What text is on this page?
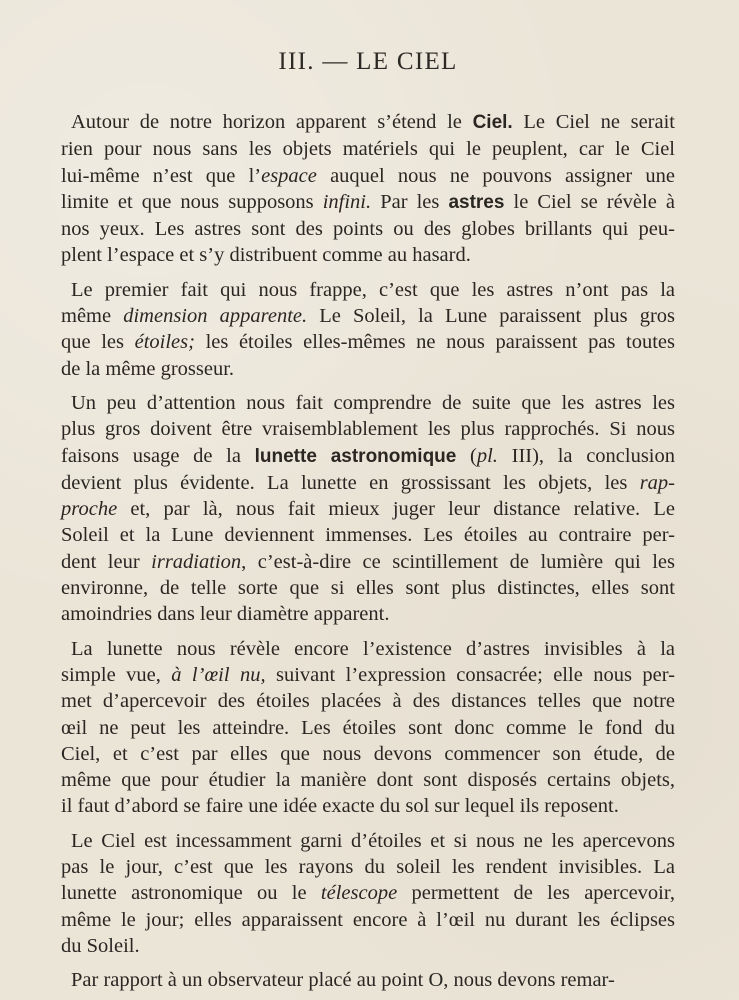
III. — LE CIEL
Autour de notre horizon apparent s’étend le Ciel. Le Ciel ne serait
rien pour nous sans les objets matériels qui le peuplent, car le Ciel
lui-même n’est que l’espace auquel nous ne pouvons assigner une
limite et que nous supposons infini. Par les astres le Ciel se révèle à
nos yeux. Les astres sont des points ou des globes brillants qui peu-
plent l’espace et s’y distribuent comme au hasard.
Le premier fait qui nous frappe, c’est que les astres n’ont pas la
même dimension apparente. Le Soleil, la Lune paraissent plus gros
que les étoiles; les étoiles elles-mêmes ne nous paraissent pas toutes
de la même grosseur.
Un peu d’attention nous fait comprendre de suite que les astres les
plus gros doivent être vraisemblablement les plus rapprochés. Si nous
faisons usage de la lunette astronomique (pl. III), la conclusion
devient plus évidente. La lunette en grossissant les objets, les rap-
proche et, par là, nous fait mieux juger leur distance relative. Le
Soleil et la Lune deviennent immenses. Les étoiles au contraire per-
dent leur irradiation, c’est-à-dire ce scintillement de lumière qui les
environne, de telle sorte que si elles sont plus distinctes, elles sont
amoindries dans leur diamètre apparent.
La lunette nous révèle encore l’existence d’astres invisibles à la
simple vue, à l’œil nu, suivant l’expression consacrée; elle nous per-
met d’apercevoir des étoiles placées à des distances telles que notre
œil ne peut les atteindre. Les étoiles sont donc comme le fond du
Ciel, et c’est par elles que nous devons commencer son étude, de
même que pour étudier la manière dont sont disposés certains objets,
il faut d’abord se faire une idée exacte du sol sur lequel ils reposent.
Le Ciel est incessamment garni d’étoiles et si nous ne les apercevons
pas le jour, c’est que les rayons du soleil les rendent invisibles. La
lunette astronomique ou le télescope permettent de les apercevoir,
même le jour; elles apparaissent encore à l’œil nu durant les éclipses
du Soleil.
Par rapport à un observateur placé au point O, nous devons remar-
